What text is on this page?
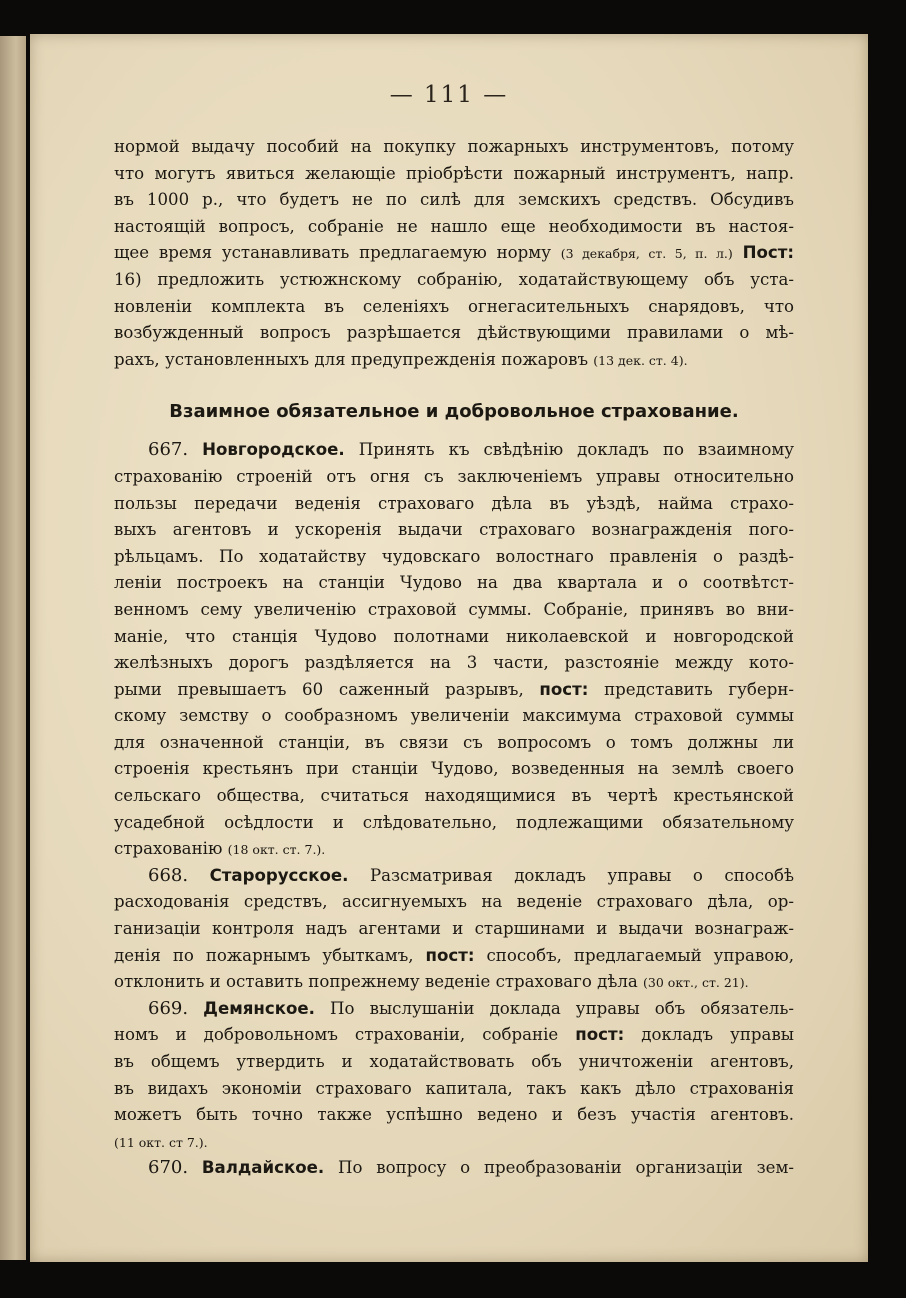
— 111 —
нормой выдачу пособий на покупку пожарныхъ инструментовъ, потому
что могутъ явиться желающіе пріобрѣсти пожарный инструментъ, напр.
въ 1000 р., что будетъ не по силѣ для земскихъ средствъ. Обсудивъ
настоящій вопросъ, собраніе не нашло еще необходимости въ настоя-
щее время устанавливать предлагаемую норму (3 декабря, ст. 5, п. л.) Пост:
16) предложить устюжнскому собранію, ходатайствующему объ уста-
новленіи комплекта въ селеніяхъ огнегасительныхъ снарядовъ, что
возбужденный вопросъ разрѣшается дѣйствующими правилами о мѣ-
рахъ, установленныхъ для предупрежденія пожаровъ (13 дек. ст. 4).
Взаимное обязательное и добровольное страхование.
667. Новгородское. Принять къ свѣдѣнію докладъ по взаимному
страхованію строеній отъ огня съ заключеніемъ управы относительно
пользы передачи веденія страховаго дѣла въ уѣздѣ, найма страхо-
выхъ агентовъ и ускоренія выдачи страховаго вознагражденія пого-
рѣльцамъ. По ходатайству чудовскаго волостнаго правленія о раздѣ-
леніи построекъ на станціи Чудово на два квартала и о соотвѣтст-
венномъ сему увеличенію страховой суммы. Собраніе, принявъ во вни-
маніе, что станція Чудово полотнами николаевской и новгородской
желѣзныхъ дорогъ раздѣляется на 3 части, разстояніе между кото-
рыми превышаетъ 60 саженный разрывъ, пост: представить губерн-
скому земству о сообразномъ увеличеніи максимума страховой суммы
для означенной станціи, въ связи съ вопросомъ о томъ должны ли
строенія крестьянъ при станціи Чудово, возведенныя на землѣ своего
сельскаго общества, считаться находящимися въ чертѣ крестьянской
усадебной осѣдлости и слѣдовательно, подлежащими обязательному
страхованію (18 окт. ст. 7.).
668. Старорусское. Разсматривая докладъ управы о способѣ
расходованія средствъ, ассигнуемыхъ на веденіе страховаго дѣла, ор-
ганизаціи контроля надъ агентами и старшинами и выдачи вознаграж-
денія по пожарнымъ убыткамъ, пост: способъ, предлагаемый управою,
отклонить и оставить попрежнему веденіе страховаго дѣла (30 окт., ст. 21).
669. Демянское. По выслушаніи доклада управы объ обязатель-
номъ и добровольномъ страхованіи, собраніе пост: докладъ управы
въ общемъ утвердить и ходатайствовать объ уничтоженіи агентовъ,
въ видахъ экономіи страховаго капитала, такъ какъ дѣло страхованія
можетъ быть точно также успѣшно ведено и безъ участія агентовъ.
(11 окт. ст 7.).
670. Валдайское. По вопросу о преобразованіи организаціи зем-
